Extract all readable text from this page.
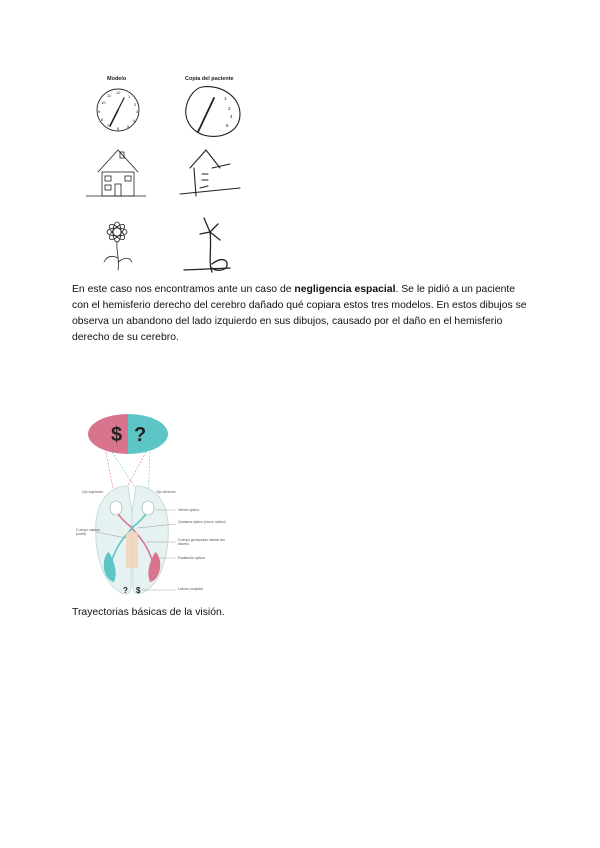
Modelo	Copia del paciente
12
1
2
3
4
5
6
7
8
9
10
11
1
2
4
6

En este caso nos encontramos ante un caso de negligencia espacial. Se le pidió a un paciente con el hemisferio derecho del cerebro dañado qué copiara estos tres modelos. En estos dibujos se observa un abandono del lado izquierdo en sus dibujos, causado por el daño en el hemisferio derecho de su cerebro.

$ ?
? $
Ojo izquierdo	Ojo derecho
Cuerpo calloso (corte)
Nervio óptico
Quiasma óptico (cruce óptico)
Cuerpo geniculado lateral del tálamo
Radiación óptica
Lóbulo occipital
Trayectorias básicas de la visión.
